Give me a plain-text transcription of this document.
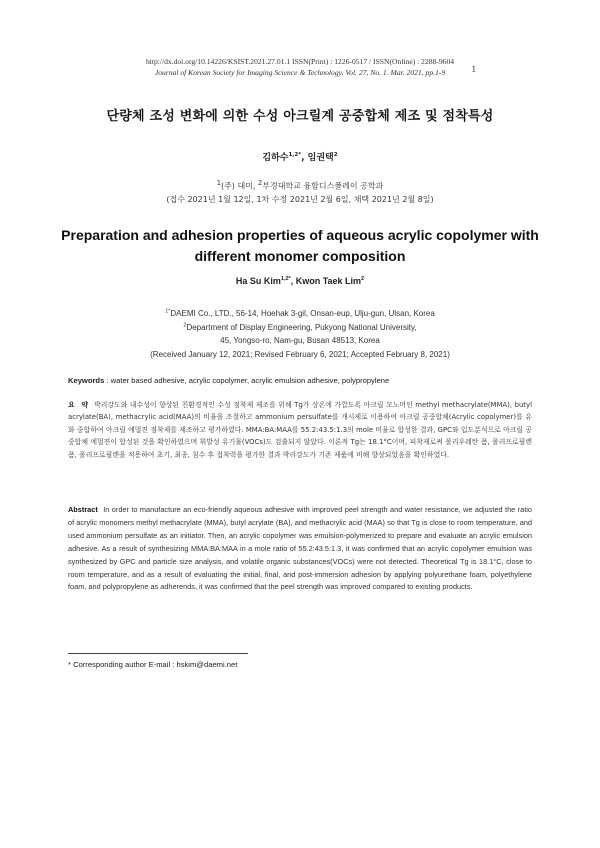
http://dx.doi.org/10.14226/KSIST.2021.27.01.1 ISSN(Print) : 1226-0517 / ISSN(Online) : 2288-9604
Journal of Korean Society for Imaging Science & Technology, Vol. 27, No. 1. Mar. 2021, pp.1-9	1
단량체 조성 변화에 의한 수성 아크릴계 공중합체 제조 및 점착특성
김하수$^{1,2*}$, 임권택$^2$
$^1$(주) 대미, $^2$부경대학교 융합디스플레이 공학과
(접수 2021년 1월 12일, 1차 수정 2021년 2월 6일, 채택 2021년 2월 8일)
Preparation and adhesion properties of aqueous acrylic copolymer with different monomer composition
Ha Su Kim$^{1,2*}$, Kwon Taek Lim$^2$
$^{1*}$DAEMI Co., LTD., 56-14, Hoehak 3-gil, Onsan-eup, Ulju-gun, Ulsan, Korea
$^2$Department of Display Engineering, Pukyong National University,
45, Yongso-ro, Nam-gu, Busan 48513, Korea
(Received January 12, 2021; Revised February 6, 2021; Accepted February 8, 2021)
Keywords : water based adhesive, acrylic copolymer, acrylic emulsion adhesive, polypropylene
요 약 박리강도와 내수성이 향상된 친환경적인 수성 점착제 제조를 위해 Tg가 상온에 가깝도록 아크릴 모노머인 methyl methacrylate(MMA), butyl acrylate(BA), methacrylic acid(MAA)의 비율을 조절하고 ammonium persulfate를 개시제로 이용하여 아크릴 공중합체(Acrylic copolymer)를 유화 중합하여 아크릴 에멀젼 점착제를 제조하고 평가하였다. MMA:BA:MAA를 55.2:43.5:1.3의 mole 비율로 합성한 결과, GPC와 입도분석으로 아크릴 공중합체 에멀젼이 합성된 것을 확인하였으며 휘발성 유기물(VOCs)도 검출되지 않았다. 이론적 Tg는 18.1°C이며, 피착재로써 폴리우레탄 폼, 폴리프로필렌 폼, 폴리프로필렌을 적용하여 초기, 최종, 침수 후 접착력을 평가한 결과 박리강도가 기존 제품에 비해 향상되었음을 확인하였다.
Abstract In order to manufacture an eco-friendly aqueous adhesive with improved peel strength and water resistance, we adjusted the ratio of acrylic monomers methyl methacrylate (MMA), butyl acrylate (BA), and methacrylic acid (MAA) so that Tg is close to room temperature, and used ammonium persulfate as an initiator. Then, an acrylic copolymer was emulsion-polymerized to prepare and evaluate an acrylic emulsion adhesive. As a result of synthesizing MMA:BA:MAA in a mole ratio of 55.2:43.5:1.3, it was confirmed that an acrylic copolymer emulsion was synthesized by GPC and particle size analysis, and volatile organic substances(VOCs) were not detected. Theoretical Tg is 18.1°C, close to room temperature, and as a result of evaluating the initial, final, and post-immersion adhesion by applying polyurethane foam, polyethylene foam, and polypropylene as adherends, it was confirmed that the peel strength was improved compared to existing products.
* Corresponding author E-mail : hskim@daemi.net
